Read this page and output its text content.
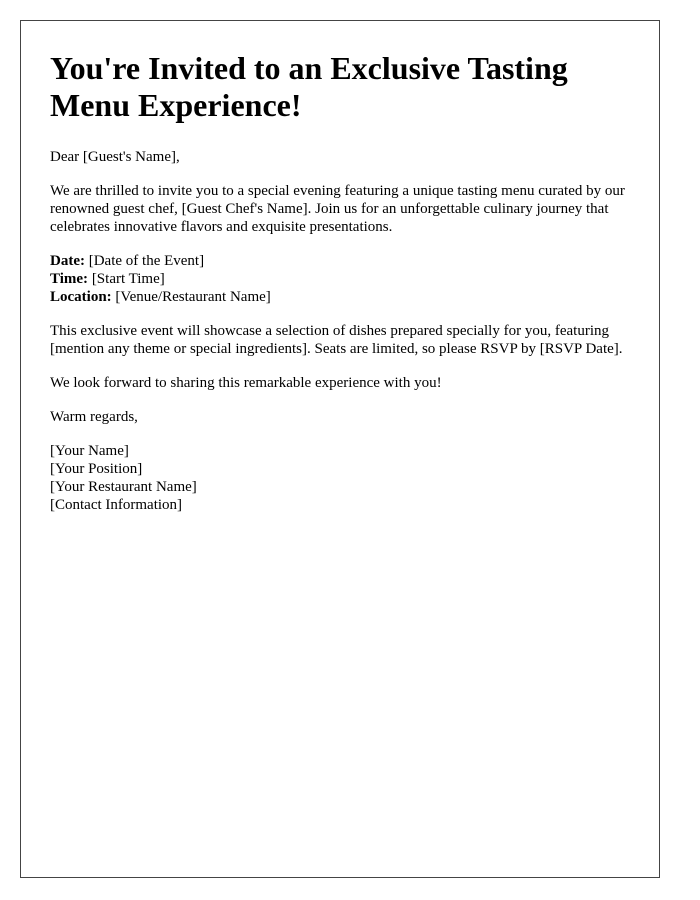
You're Invited to an Exclusive Tasting Menu Experience!

Dear [Guest's Name],

We are thrilled to invite you to a special evening featuring a unique tasting menu curated by our renowned guest chef, [Guest Chef's Name]. Join us for an unforgettable culinary journey that celebrates innovative flavors and exquisite presentations.

Date: [Date of the Event]
Time: [Start Time]
Location: [Venue/Restaurant Name]

This exclusive event will showcase a selection of dishes prepared specially for you, featuring [mention any theme or special ingredients]. Seats are limited, so please RSVP by [RSVP Date].

We look forward to sharing this remarkable experience with you!

Warm regards,

[Your Name]
[Your Position]
[Your Restaurant Name]
[Contact Information]
